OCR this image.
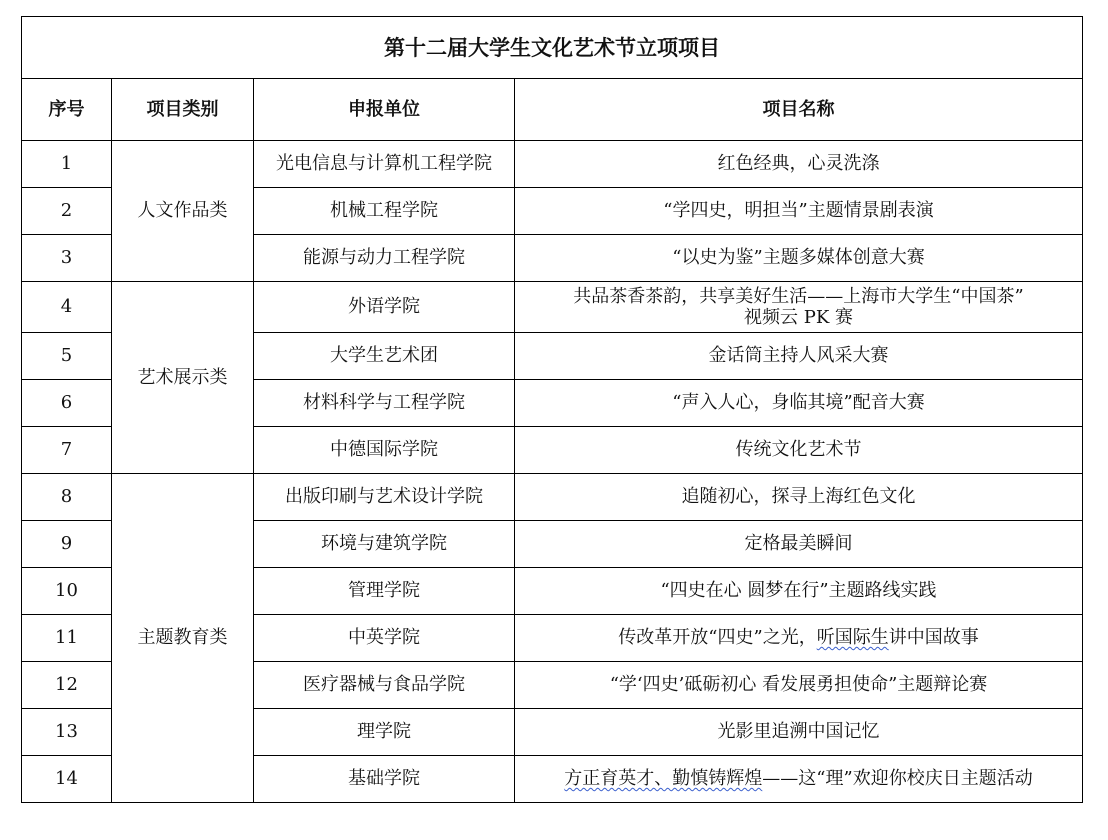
第十二届大学生文化艺术节立项项目			
序号	项目类别	申报单位	项目名称
1	人文作品类	光电信息与计算机工程学院	红色经典，心灵洗涤
2		机械工程学院	“学四史，明担当”主题情景剧表演
3		能源与动力工程学院	“以史为鉴”主题多媒体创意大赛
4	艺术展示类	外语学院	共品茶香茶韵，共享美好生活——上海市大学生“中国茶”
视频云 PK 赛

5		大学生艺术团	金话筒主持人风采大赛
6		材料科学与工程学院	“声入人心，身临其境”配音大赛
7		中德国际学院	传统文化艺术节
8	主题教育类	出版印刷与艺术设计学院	追随初心，探寻上海红色文化
9		环境与建筑学院	定格最美瞬间
10		管理学院	“四史在心 圆梦在行”主题路线实践
11		中英学院	传改革开放“四史”之光，听国际生讲中国故事
12		医疗器械与食品学院	“学‘四史’砥砺初心 看发展勇担使命”主题辩论赛
13		理学院	光影里追溯中国记忆
14		基础学院	方正育英才、勤慎铸辉煌——这“理”欢迎你校庆日主题活动
